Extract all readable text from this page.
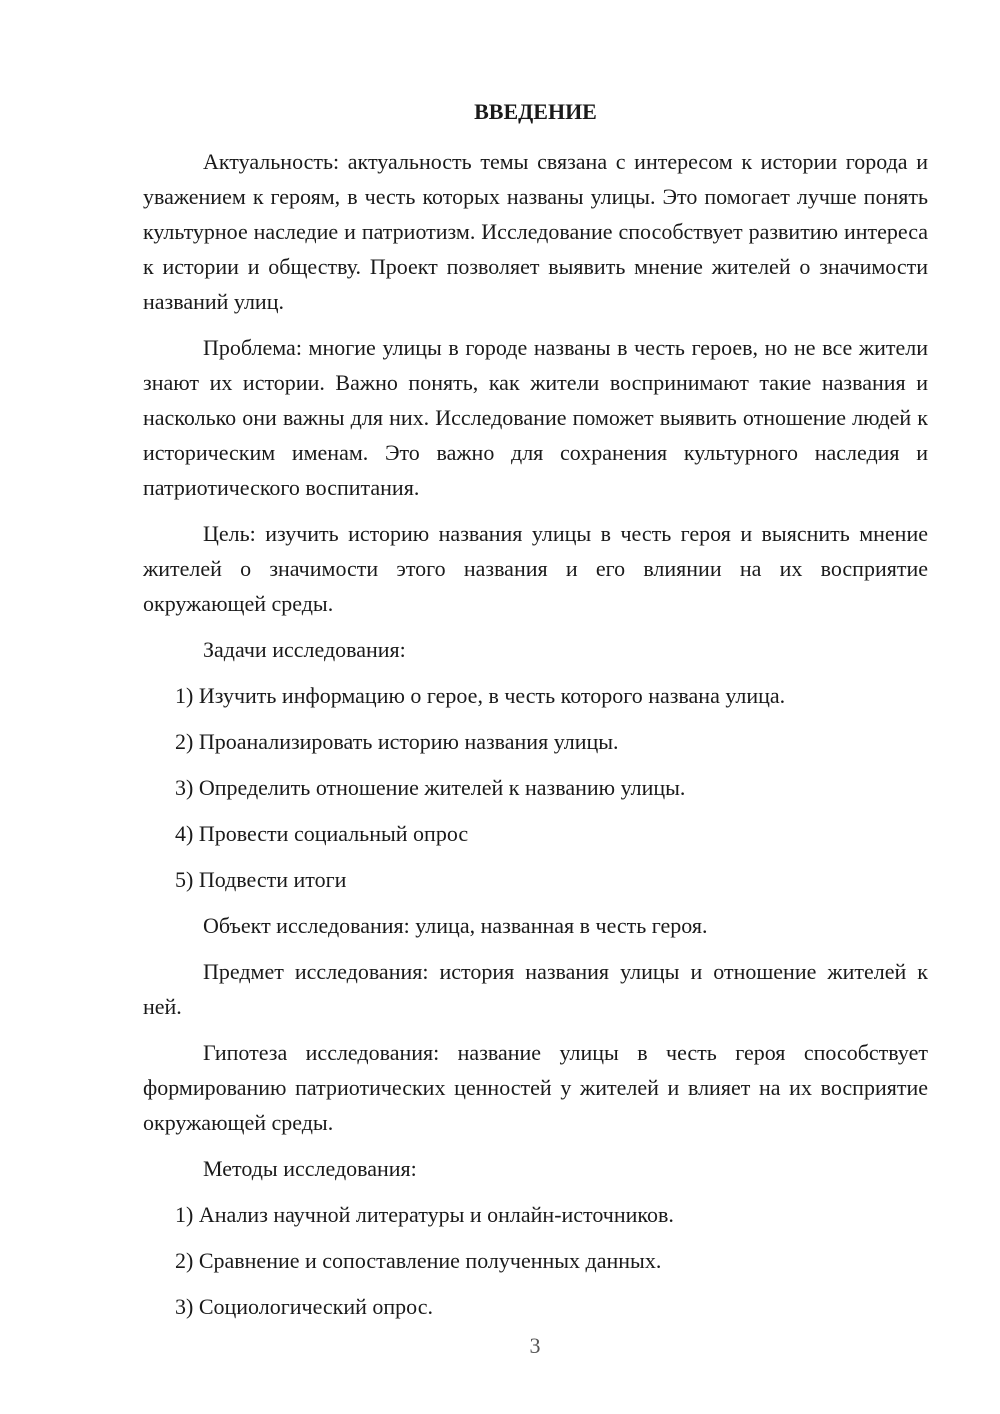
ВВЕДЕНИЕ

Актуальность: актуальность темы связана с интересом к истории города и уважением к героям, в честь которых названы улицы. Это помогает лучше понять культурное наследие и патриотизм. Исследование способствует развитию интереса к истории и обществу. Проект позволяет выявить мнение жителей о значимости названий улиц.

Проблема: многие улицы в городе названы в честь героев, но не все жители знают их истории. Важно понять, как жители воспринимают такие названия и насколько они важны для них. Исследование поможет выявить отношение людей к историческим именам. Это важно для сохранения культурного наследия и патриотического воспитания.

Цель: изучить историю названия улицы в честь героя и выяснить мнение жителей о значимости этого названия и его влиянии на их восприятие окружающей среды.

Задачи исследования:

1) Изучить информацию о герое, в честь которого названа улица.

2) Проанализировать историю названия улицы.

3) Определить отношение жителей к названию улицы.

4) Провести социальный опрос

5) Подвести итоги

Объект исследования: улица, названная в честь героя.

Предмет исследования: история названия улицы и отношение жителей к ней.

Гипотеза исследования: название улицы в честь героя способствует формированию патриотических ценностей у жителей и влияет на их восприятие окружающей среды.

Методы исследования:

1) Анализ научной литературы и онлайн-источников.

2) Сравнение и сопоставление полученных данных.

3) Социологический опрос.

3
